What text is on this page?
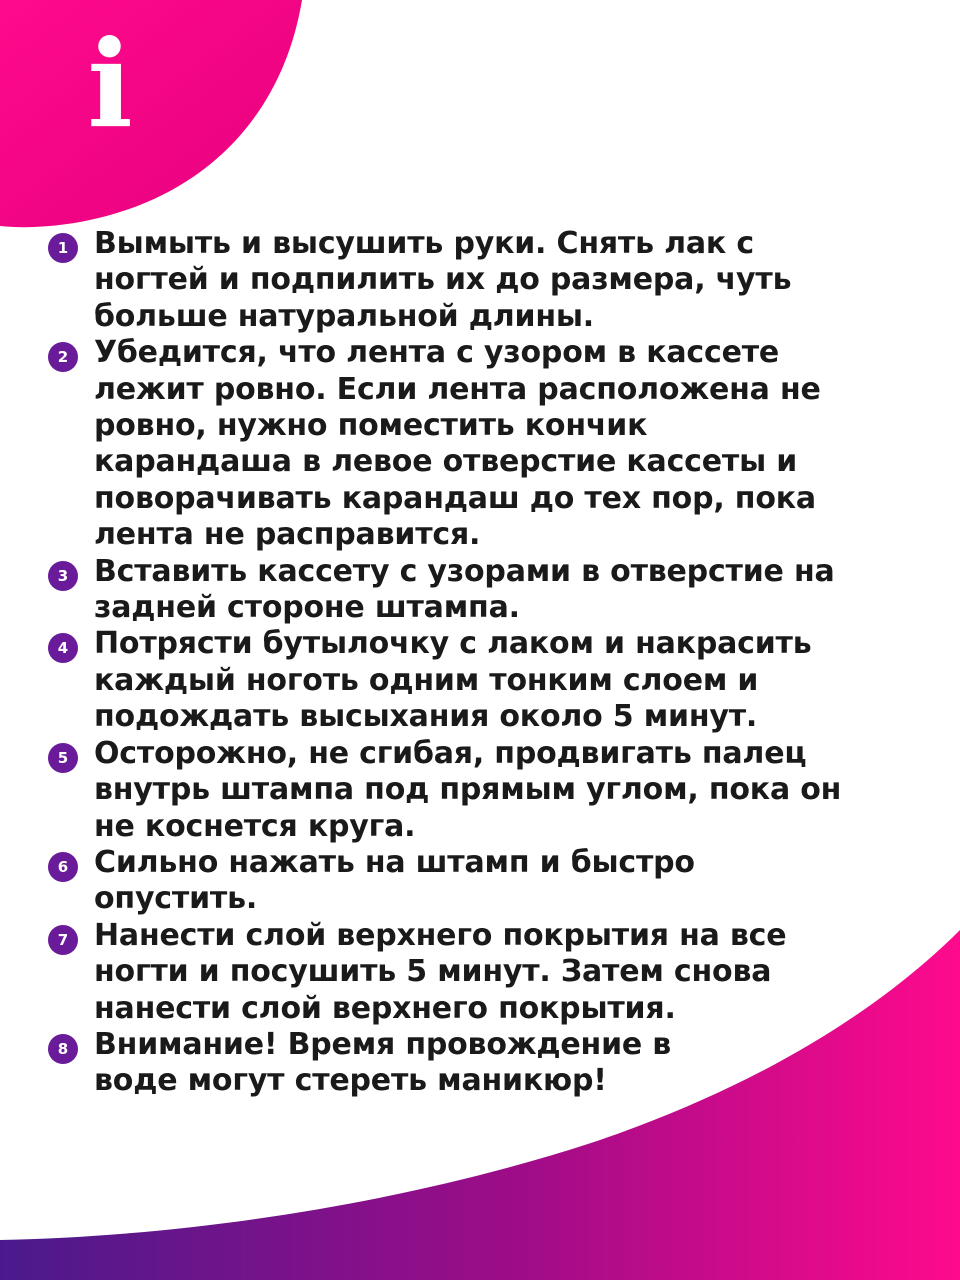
i
1 Вымыть и высушить руки. Снять лак с
ногтей и подпилить их до размера, чуть
больше натуральной длины.
2 Убедится, что лента с узором в кассете
лежит ровно. Если лента расположена не
ровно, нужно поместить кончик
карандаша в левое отверстие кассеты и
поворачивать карандаш до тех пор, пока
лента не расправится.
3 Вставить кассету с узорами в отверстие на
задней стороне штампа.
4 Потрясти бутылочку с лаком и накрасить
каждый ноготь одним тонким слоем и
подождать высыхания около 5 минут.
5 Осторожно, не сгибая, продвигать палец
внутрь штампа под прямым углом, пока он
не коснется круга.
6 Сильно нажать на штамп и быстро
опустить.
7 Нанести слой верхнего покрытия на все
ногти и посушить 5 минут. Затем снова
нанести слой верхнего покрытия.
8 Внимание! Время провождение в
воде могут стереть маникюр!
